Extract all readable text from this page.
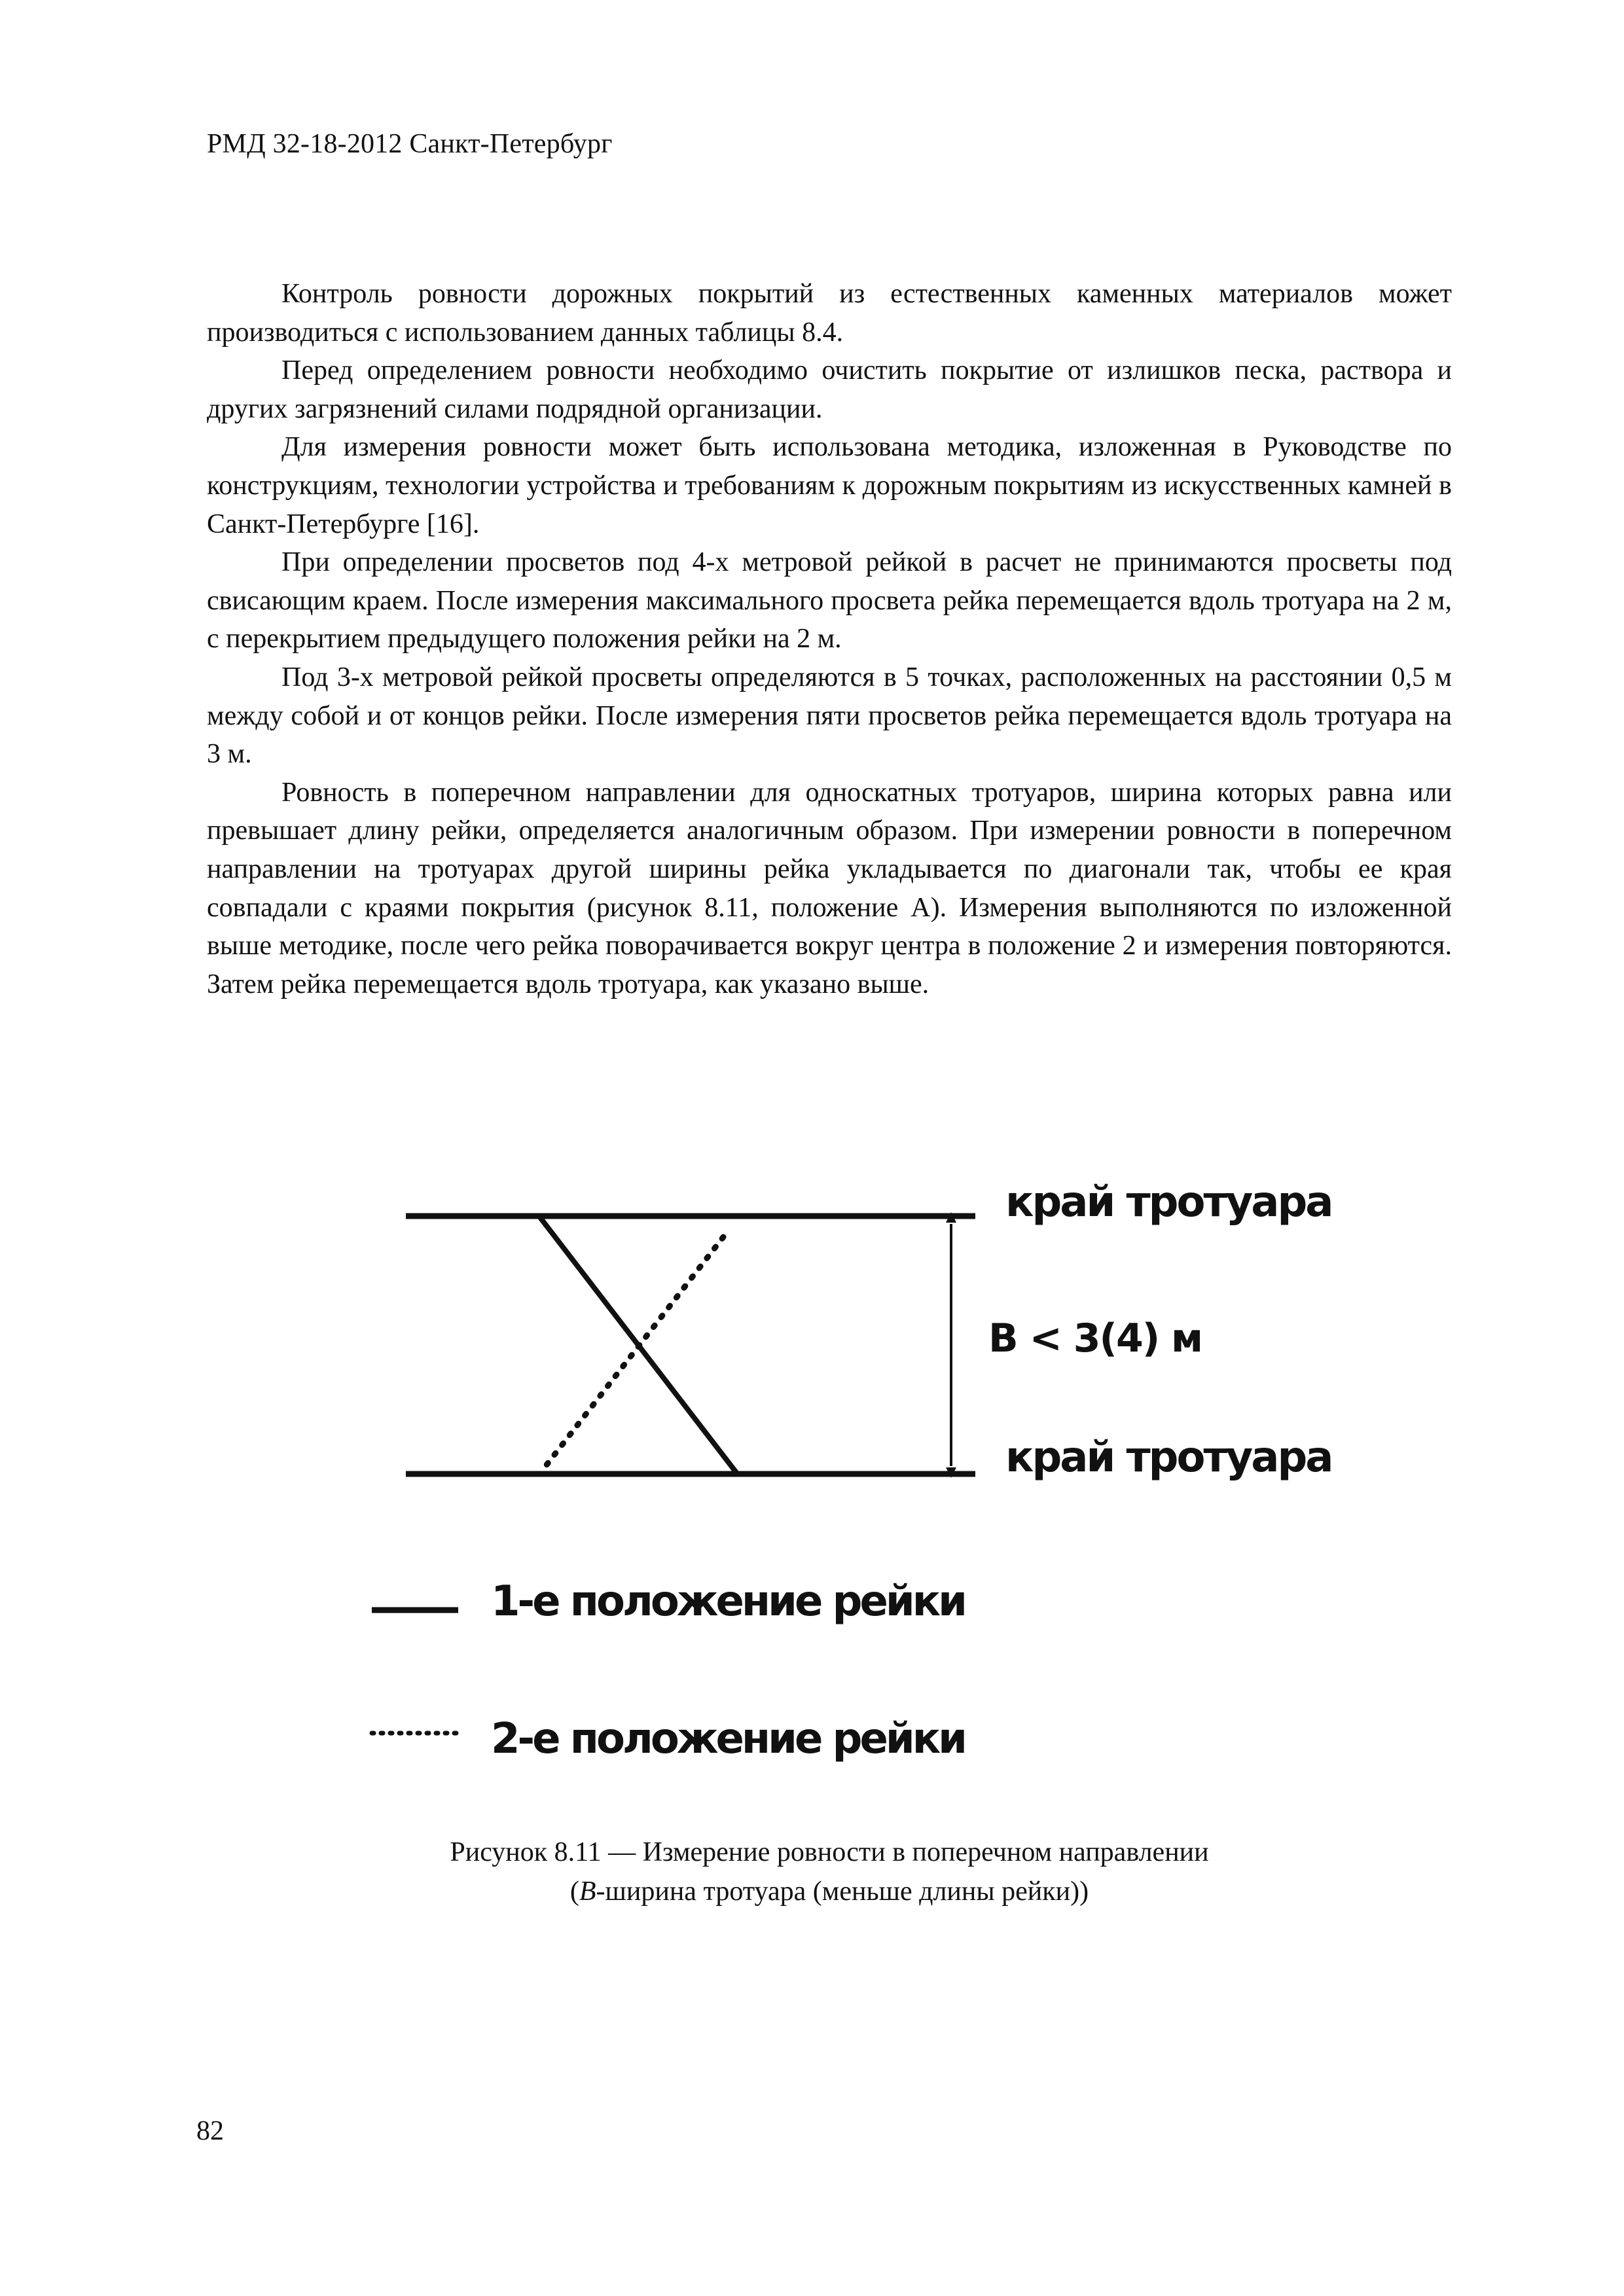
РМД 32-18-2012 Санкт-Петербург

Контроль ровности дорожных покрытий из естественных каменных материалов может производиться с использованием данных таблицы 8.4.

Перед определением ровности необходимо очистить покрытие от излишков песка, раствора и других загрязнений силами подрядной организации.

Для измерения ровности может быть использована методика, изложенная в Руководстве по конструкциям, технологии устройства и требованиям к дорожным покрытиям из искусственных камней в Санкт-Петербурге [16].

При определении просветов под 4-х метровой рейкой в расчет не принимаются просветы под свисающим краем. После измерения максимального просвета рейка перемещается вдоль тротуара на 2 м, с перекрытием предыдущего положения рейки на 2 м.

Под 3-х метровой рейкой просветы определяются в 5 точках, расположенных на расстоянии 0,5 м между собой и от концов рейки. После измерения пяти просветов рейка перемещается вдоль тротуара на 3 м.

Ровность в поперечном направлении для односкатных тротуаров, ширина которых равна или превышает длину рейки, определяется аналогичным образом. При измерении ровности в поперечном направлении на тротуарах другой ширины рейка укладывается по диагонали так, чтобы ее края совпадали с краями покрытия (рисунок 8.11, положение А). Измерения выполняются по изложенной выше методике, после чего рейка поворачивается вокруг центра в положение 2 и измерения повторяются. Затем рейка перемещается вдоль тротуара, как указано выше.

край тротуара
B < 3(4) м
край тротуара
1-е положение рейки
2-е положение рейки
Рисунок 8.11 — Измерение ровности в поперечном направлении
(B-ширина тротуара (меньше длины рейки))
82
